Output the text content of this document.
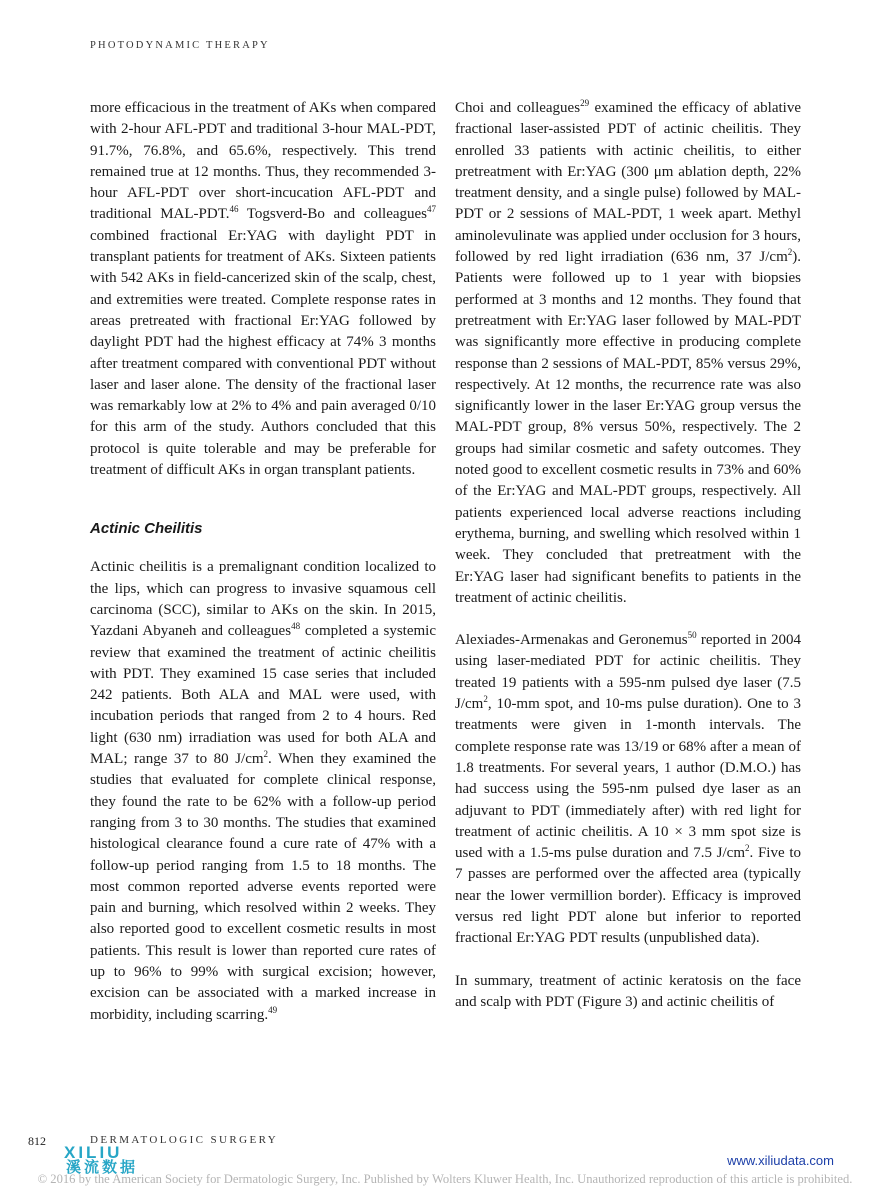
PHOTODYNAMIC THERAPY

more efficacious in the treatment of AKs when compared with 2-hour AFL-PDT and traditional 3-hour MAL-PDT, 91.7%, 76.8%, and 65.6%, respectively. This trend remained true at 12 months. Thus, they recommended 3-hour AFL-PDT over short-incucation AFL-PDT and traditional MAL-PDT.$^{46}$ Togsverd-Bo and colleagues$^{47}$ combined fractional Er:YAG with daylight PDT in transplant patients for treatment of AKs. Sixteen patients with 542 AKs in field-cancerized skin of the scalp, chest, and extremities were treated. Complete response rates in areas pretreated with fractional Er:YAG followed by daylight PDT had the highest efficacy at 74% 3 months after treatment compared with conventional PDT without laser and laser alone. The density of the fractional laser was remarkably low at 2% to 4% and pain averaged 0/10 for this arm of the study. Authors concluded that this protocol is quite tolerable and may be preferable for treatment of difficult AKs in organ transplant patients.

Actinic Cheilitis

Actinic cheilitis is a premalignant condition localized to the lips, which can progress to invasive squamous cell carcinoma (SCC), similar to AKs on the skin. In 2015, Yazdani Abyaneh and colleagues$^{48}$ completed a systemic review that examined the treatment of actinic cheilitis with PDT. They examined 15 case series that included 242 patients. Both ALA and MAL were used, with incubation periods that ranged from 2 to 4 hours. Red light (630 nm) irradiation was used for both ALA and MAL; range 37 to 80 $J/cm^2$. When they examined the studies that evaluated for complete clinical response, they found the rate to be 62% with a follow-up period ranging from 3 to 30 months. The studies that examined histological clearance found a cure rate of 47% with a follow-up period ranging from 1.5 to 18 months. The most common reported adverse events reported were pain and burning, which resolved within 2 weeks. They also reported good to excellent cosmetic results in most patients. This result is lower than reported cure rates of up to 96% to 99% with surgical excision; however, excision can be associated with a marked increase in morbidity, including scarring.$^{49}$

Choi and colleagues$^{29}$ examined the efficacy of ablative fractional laser-assisted PDT of actinic cheilitis. They enrolled 33 patients with actinic cheilitis, to either pretreatment with Er:YAG (300 μm ablation depth, 22% treatment density, and a single pulse) followed by MAL-PDT or 2 sessions of MAL-PDT, 1 week apart. Methyl aminolevulinate was applied under occlusion for 3 hours, followed by red light irradiation (636 nm, 37 $J/cm^2$). Patients were followed up to 1 year with biopsies performed at 3 months and 12 months. They found that pretreatment with Er:YAG laser followed by MAL-PDT was significantly more effective in producing complete response than 2 sessions of MAL-PDT, 85% versus 29%, respectively. At 12 months, the recurrence rate was also significantly lower in the laser Er:YAG group versus the MAL-PDT group, 8% versus 50%, respectively. The 2 groups had similar cosmetic and safety outcomes. They noted good to excellent cosmetic results in 73% and 60% of the Er:YAG and MAL-PDT groups, respectively. All patients experienced local adverse reactions including erythema, burning, and swelling which resolved within 1 week. They concluded that pretreatment with the Er:YAG laser had significant benefits to patients in the treatment of actinic cheilitis.

Alexiades-Armenakas and Geronemus$^{50}$ reported in 2004 using laser-mediated PDT for actinic cheilitis. They treated 19 patients with a 595-nm pulsed dye laser (7.5 $J/cm^2$, 10-mm spot, and 10-ms pulse duration). One to 3 treatments were given in 1-month intervals. The complete response rate was 13/19 or 68% after a mean of 1.8 treatments. For several years, 1 author (D.M.O.) has had success using the 595-nm pulsed dye laser as an adjuvant to PDT (immediately after) with red light for treatment of actinic cheilitis. A 10 × 3 mm spot size is used with a 1.5-ms pulse duration and 7.5 $J/cm^2$. Five to 7 passes are performed over the affected area (typically near the lower vermillion border). Efficacy is improved versus red light PDT alone but inferior to reported fractional Er:YAG PDT results (unpublished data).

In summary, treatment of actinic keratosis on the face and scalp with PDT (Figure 3) and actinic cheilitis of

812	DERMATOLOGIC SURGERY
XILIU
溪流数据	www.xiliudata.com
© 2016 by the American Society for Dermatologic Surgery, Inc. Published by Wolters Kluwer Health, Inc. Unauthorized reproduction of this article is prohibited.
